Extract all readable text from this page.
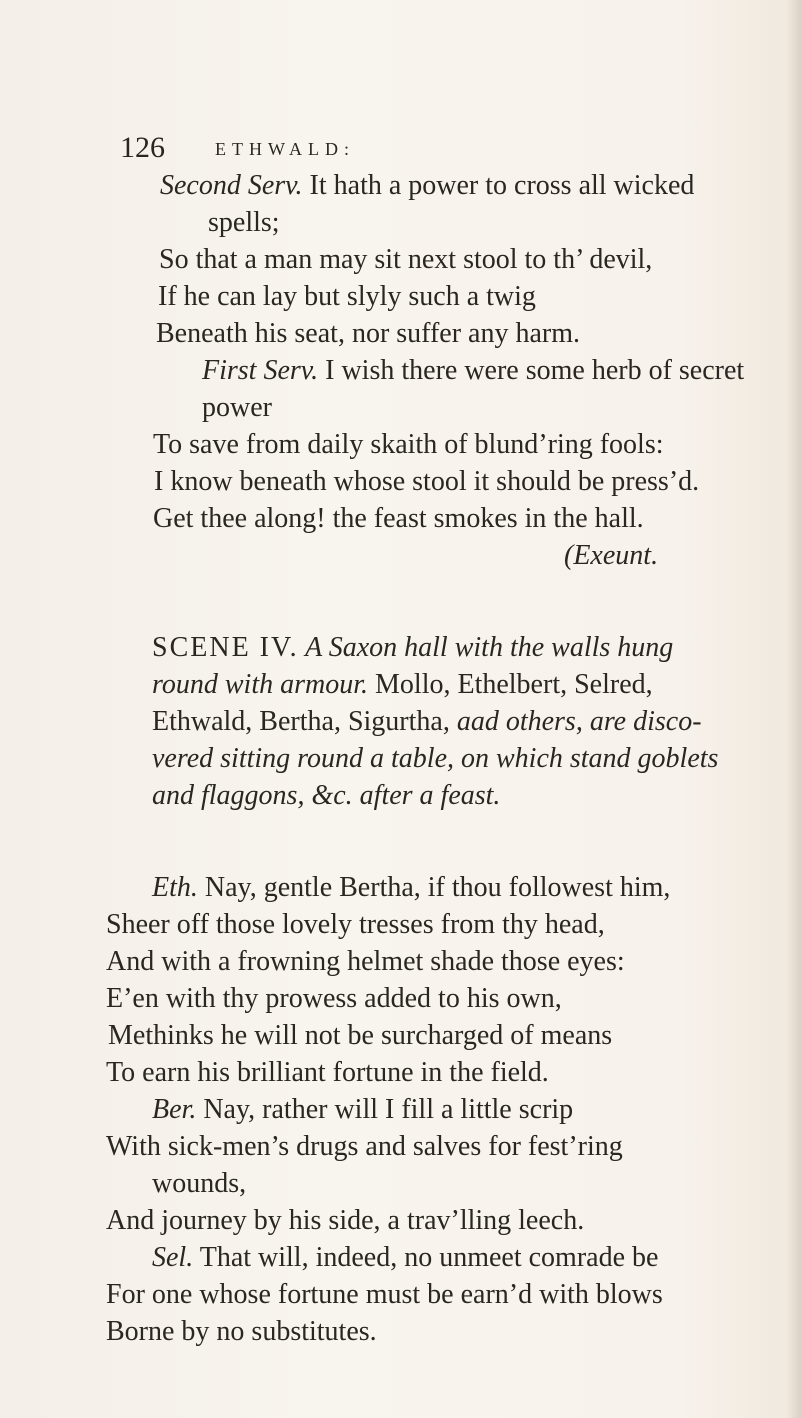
126	ETHWALD:
Second Serv. It hath a power to cross all wicked
spells;
So that a man may sit next stool to th’ devil,
If he can lay but slyly such a twig
Beneath his seat, nor suffer any harm.
First Serv. I wish there were some herb of secret
power
To save from daily skaith of blund’ring fools:
I know beneath whose stool it should be press’d.
Get thee along! the feast smokes in the hall.
(Exeunt.
SCENE IV. A Saxon hall with the walls hung
round with armour. Mollo, Ethelbert, Selred,
Ethwald, Bertha, Sigurtha, aad others, are disco-
vered sitting round a table, on which stand goblets
and flaggons, &c. after a feast.
Eth. Nay, gentle Bertha, if thou followest him,
Sheer off those lovely tresses from thy head,
And with a frowning helmet shade those eyes:
E’en with thy prowess added to his own,
Methinks he will not be surcharged of means
To earn his brilliant fortune in the field.
Ber. Nay, rather will I fill a little scrip
With sick-men’s drugs and salves for fest’ring
wounds,
And journey by his side, a trav’lling leech.
Sel. That will, indeed, no unmeet comrade be
For one whose fortune must be earn’d with blows
Borne by no substitutes.
